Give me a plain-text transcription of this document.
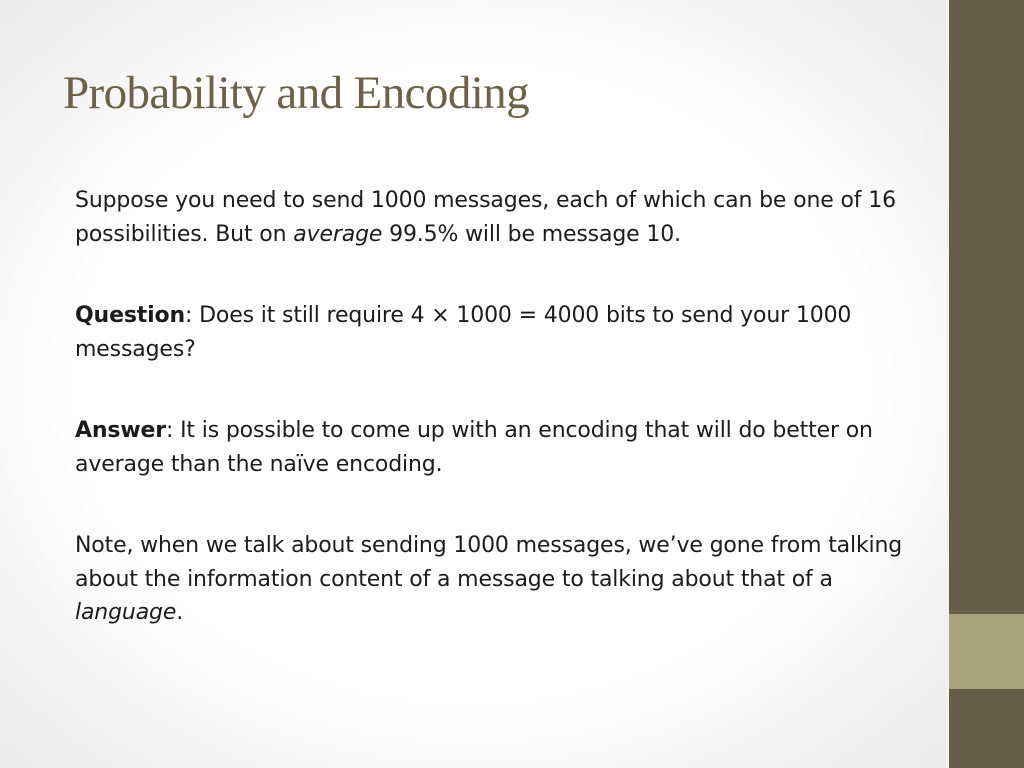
Probability and Encoding

Suppose you need to send 1000 messages, each of which can be one of 16 possibilities. But on average 99.5% will be message 10.

Question: Does it still require 4 × 1000 = 4000 bits to send your 1000 messages?

Answer: It is possible to come up with an encoding that will do better on average than the naïve encoding.

Note, when we talk about sending 1000 messages, we’ve gone from talking about the information content of a message to talking about that of a language.
